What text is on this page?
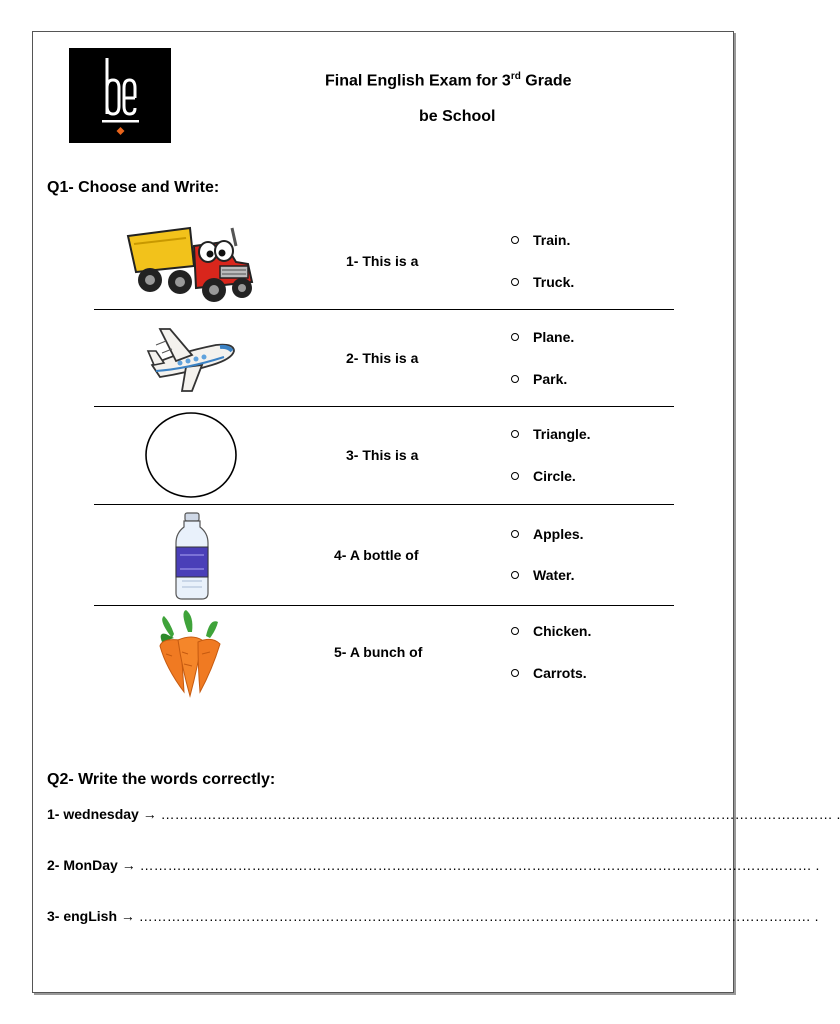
Final English Exam for 3rd Grade
be School
Q1- Choose and Write:
1- This is a
Train.
Truck.
2- This is a
Plane.
Park.
3- This is a
Triangle.
Circle.
4- A bottle of
Apples.
Water.
5- A bunch of
Chicken.
Carrots.
Q2- Write the words correctly:
1- wednesday → ……………………………………………………………………………………………………………………………… .
2- MonDay → ……………………………………………………………………………………………………………………………… .
3- engLish → ……………………………………………………………………………………………………………………………… .
